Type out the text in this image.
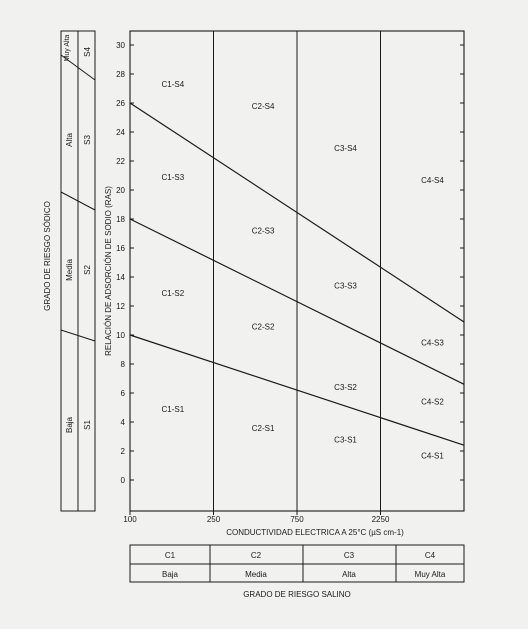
0
2
4
6
8
10
12
14
16
18
20
22
24
26
28
30
100	250	750	2250
C1-S4
C1-S3
C1-S2
C1-S1
C2-S4
C2-S3
C2-S2
C2-S1
C3-S4
C3-S3
C3-S2
C3-S1
C4-S4
C4-S3
C4-S2
C4-S1
CONDUCTIVIDAD ELECTRICA A 25°C (µS cm-1)
RELACIÓN DE ADSORCIÓN DE SODIO (RAS)
Baja
Media
Alta
Muy Alta
S1
S2
S3
S4
GRADO DE RIESGO SÓDICO
C1	C2	C3	C4
Baja	Media	Alta	Muy Alta
GRADO DE RIESGO SALINO
